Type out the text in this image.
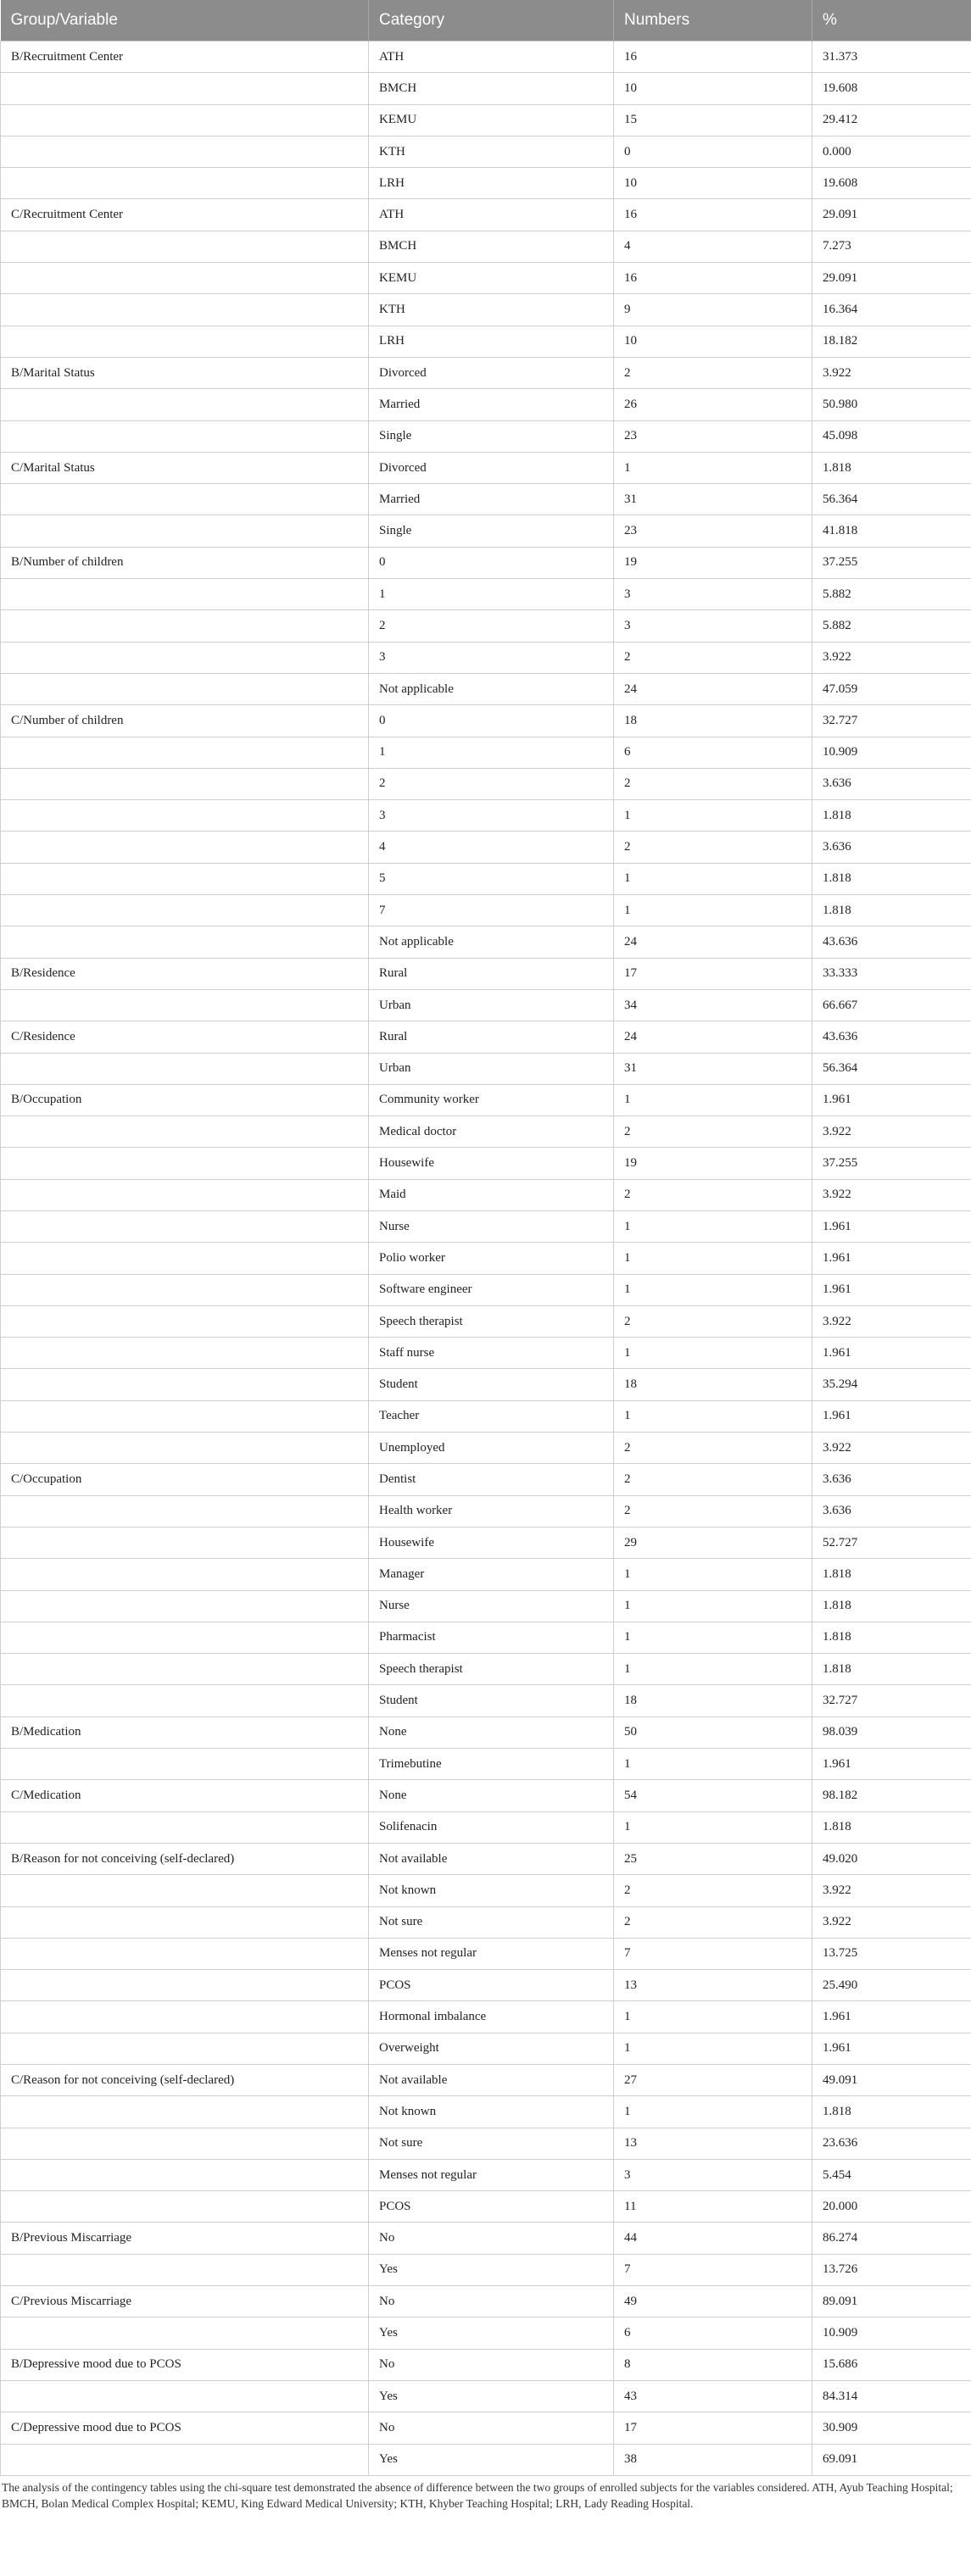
Group/Variable	Category	Numbers	%
B/Recruitment Center	ATH	16	31.373
	BMCH	10	19.608
	KEMU	15	29.412
	KTH	0	0.000
	LRH	10	19.608
C/Recruitment Center	ATH	16	29.091
	BMCH	4	7.273
	KEMU	16	29.091
	KTH	9	16.364
	LRH	10	18.182
B/Marital Status	Divorced	2	3.922
	Married	26	50.980
	Single	23	45.098
C/Marital Status	Divorced	1	1.818
	Married	31	56.364
	Single	23	41.818
B/Number of children	0	19	37.255
	1	3	5.882
	2	3	5.882
	3	2	3.922
	Not applicable	24	47.059
C/Number of children	0	18	32.727
	1	6	10.909
	2	2	3.636
	3	1	1.818
	4	2	3.636
	5	1	1.818
	7	1	1.818
	Not applicable	24	43.636
B/Residence	Rural	17	33.333
	Urban	34	66.667
C/Residence	Rural	24	43.636
	Urban	31	56.364
B/Occupation	Community worker	1	1.961
	Medical doctor	2	3.922
	Housewife	19	37.255
	Maid	2	3.922
	Nurse	1	1.961
	Polio worker	1	1.961
	Software engineer	1	1.961
	Speech therapist	2	3.922
	Staff nurse	1	1.961
	Student	18	35.294
	Teacher	1	1.961
	Unemployed	2	3.922
C/Occupation	Dentist	2	3.636
	Health worker	2	3.636
	Housewife	29	52.727
	Manager	1	1.818
	Nurse	1	1.818
	Pharmacist	1	1.818
	Speech therapist	1	1.818
	Student	18	32.727
B/Medication	None	50	98.039
	Trimebutine	1	1.961
C/Medication	None	54	98.182
	Solifenacin	1	1.818
B/Reason for not conceiving (self-declared)	Not available	25	49.020
	Not known	2	3.922
	Not sure	2	3.922
	Menses not regular	7	13.725
	PCOS	13	25.490
	Hormonal imbalance	1	1.961
	Overweight	1	1.961
C/Reason for not conceiving (self-declared)	Not available	27	49.091
	Not known	1	1.818
	Not sure	13	23.636
	Menses not regular	3	5.454
	PCOS	11	20.000
B/Previous Miscarriage	No	44	86.274
	Yes	7	13.726
C/Previous Miscarriage	No	49	89.091
	Yes	6	10.909
B/Depressive mood due to PCOS	No	8	15.686
	Yes	43	84.314
C/Depressive mood due to PCOS	No	17	30.909
	Yes	38	69.091
The analysis of the contingency tables using the chi-square test demonstrated the absence of difference between the two groups of enrolled subjects for the variables considered. ATH, Ayub Teaching Hospital; BMCH, Bolan Medical Complex Hospital; KEMU, King Edward Medical University; KTH, Khyber Teaching Hospital; LRH, Lady Reading Hospital.
